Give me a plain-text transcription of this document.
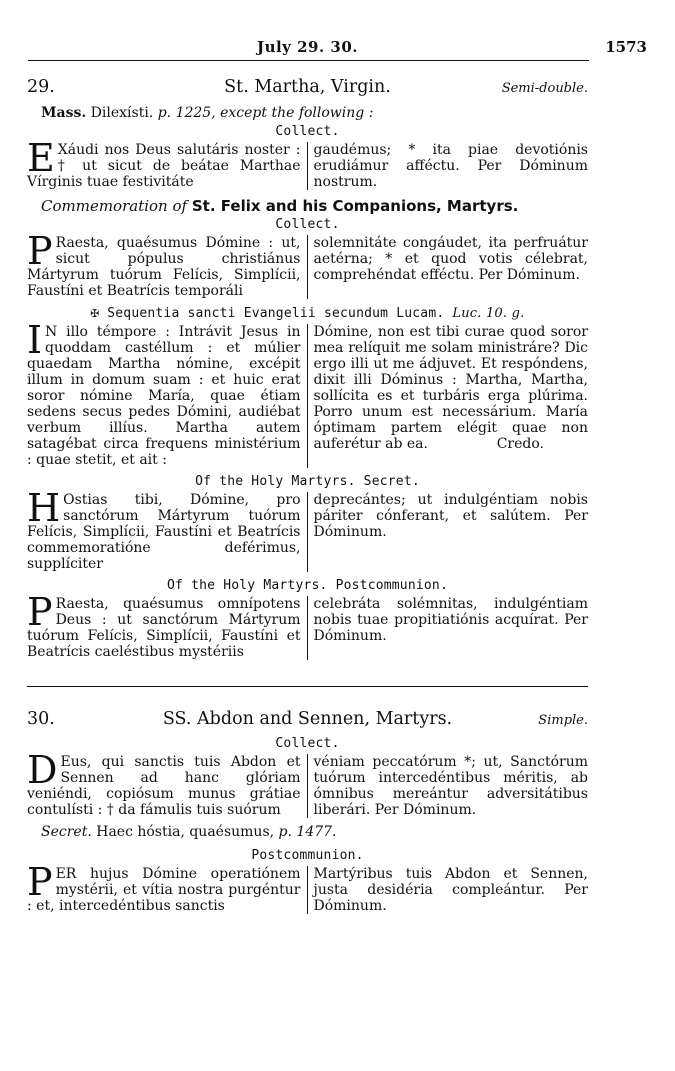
July 29. 30.	1573
29.	St. Martha, Virgin.	Semi-double.
Mass. Dilexísti. p. 1225, except the following :
Collect.
E Xáudi nos Deus salutáris noster : † ut sicut de beátae Marthae Vírginis tuae festivitáte
gaudémus; * ita piae devotiónis erudiámur afféctu. Per Dóminum nostrum.
Commemoration of St. Felix and his Companions, Martyrs.
Collect.
P Raesta, quaésumus Dómine : ut, sicut pópulus christiánus Mártyrum tuórum Felícis, Simplícii, Faustíni et Beatrícis temporáli
solemnitáte congáudet, ita perfruátur aetérna; * et quod votis célebrat, comprehéndat efféctu. Per Dóminum.
✠ Sequentia sancti Evangelii secundum Lucam. Luc. 10. g.
I N illo témpore : Intrávit Jesus in quoddam castéllum : et múlier quaedam Martha nómine, excépit illum in domum suam : et huic erat soror nómine María, quae étiam sedens secus pedes Dómini, audiébat verbum illíus. Martha autem satagébat circa frequens ministérium : quae stetit, et ait :
Dómine, non est tibi curae quod soror mea relíquit me solam ministráre? Dic ergo illi ut me ádjuvet. Et respóndens, dixit illi Dóminus : Martha, Martha, sollícita es et turbáris erga plúrima. Porro unum est necessárium. María óptimam partem elégit quae non auferétur ab ea.	Credo.
Of the Holy Martyrs. Secret.
H Ostias tibi, Dómine, pro sanctórum Mártyrum tuórum Felícis, Simplícii, Faustíni et Beatrícis commemoratióne deférimus, supplíciter
deprecántes; ut indulgéntiam nobis páriter cónferant, et salútem. Per Dóminum.
Of the Holy Martyrs. Postcommunion.
P Raesta, quaésumus omnípotens Deus : ut sanctórum Mártyrum tuórum Felícis, Simplícii, Faustíni et Beatrícis caeléstibus mystériis
celebráta solémnitas, indulgéntiam nobis tuae propitiatiónis acquírat. Per Dóminum.
30.	SS. Abdon and Sennen, Martyrs.	Simple.
Collect.
D Eus, qui sanctis tuis Abdon et Sennen ad hanc glóriam veniéndi, copiósum munus grátiae contulísti : † da fámulis tuis suórum
véniam peccatórum *; ut, Sanctórum tuórum intercedéntibus méritis, ab ómnibus mereántur adversitátibus liberári. Per Dóminum.
Secret. Haec hóstia, quaésumus, p. 1477.
Postcommunion.
PER hujus Dómine operatiónem mystérii, et vítia nostra purgéntur : et, intercedéntibus sanctis
Martýribus tuis Abdon et Sennen, justa desidéria compleántur. Per Dóminum.
